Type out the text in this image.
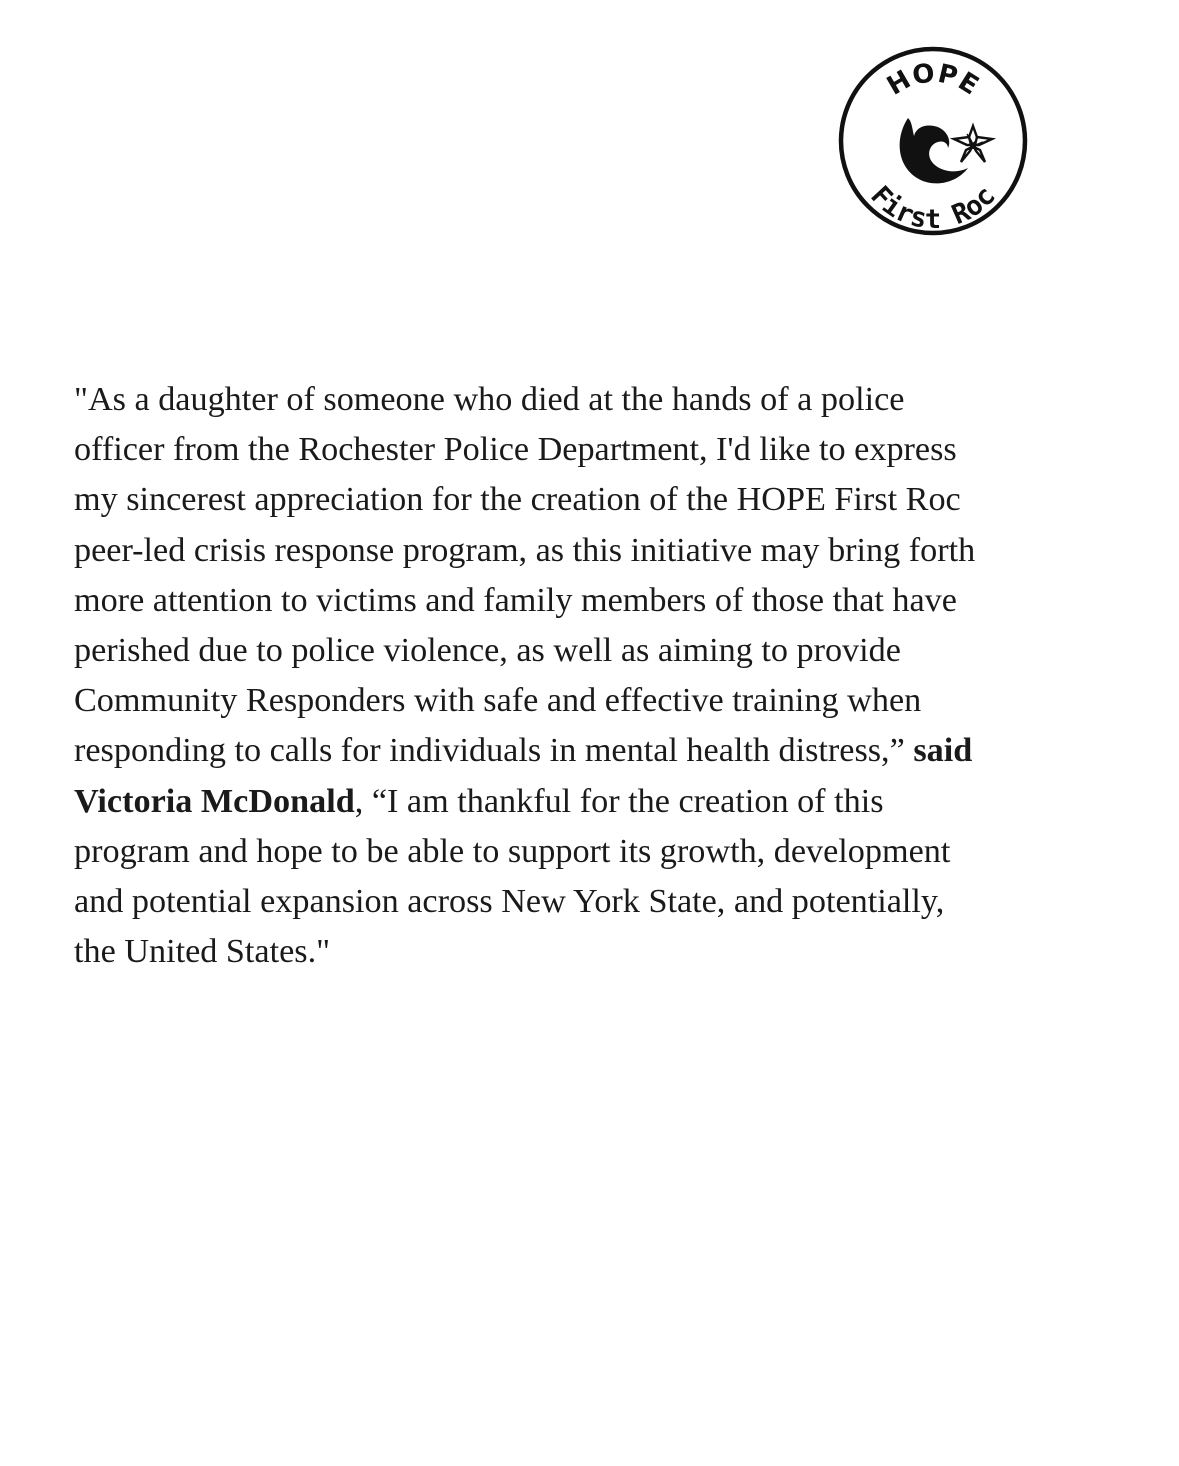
HOPE
First Roc

"As a daughter of someone who died at the hands of a police
officer from the Rochester Police Department, I'd like to express
my sincerest appreciation for the creation of the HOPE First Roc
peer-led crisis response program, as this initiative may bring forth
more attention to victims and family members of those that have
perished due to police violence, as well as aiming to provide
Community Responders with safe and effective training when
responding to calls for individuals in mental health distress,” said
Victoria McDonald, “I am thankful for the creation of this
program and hope to be able to support its growth, development
and potential expansion across New York State, and potentially,
the United States."
